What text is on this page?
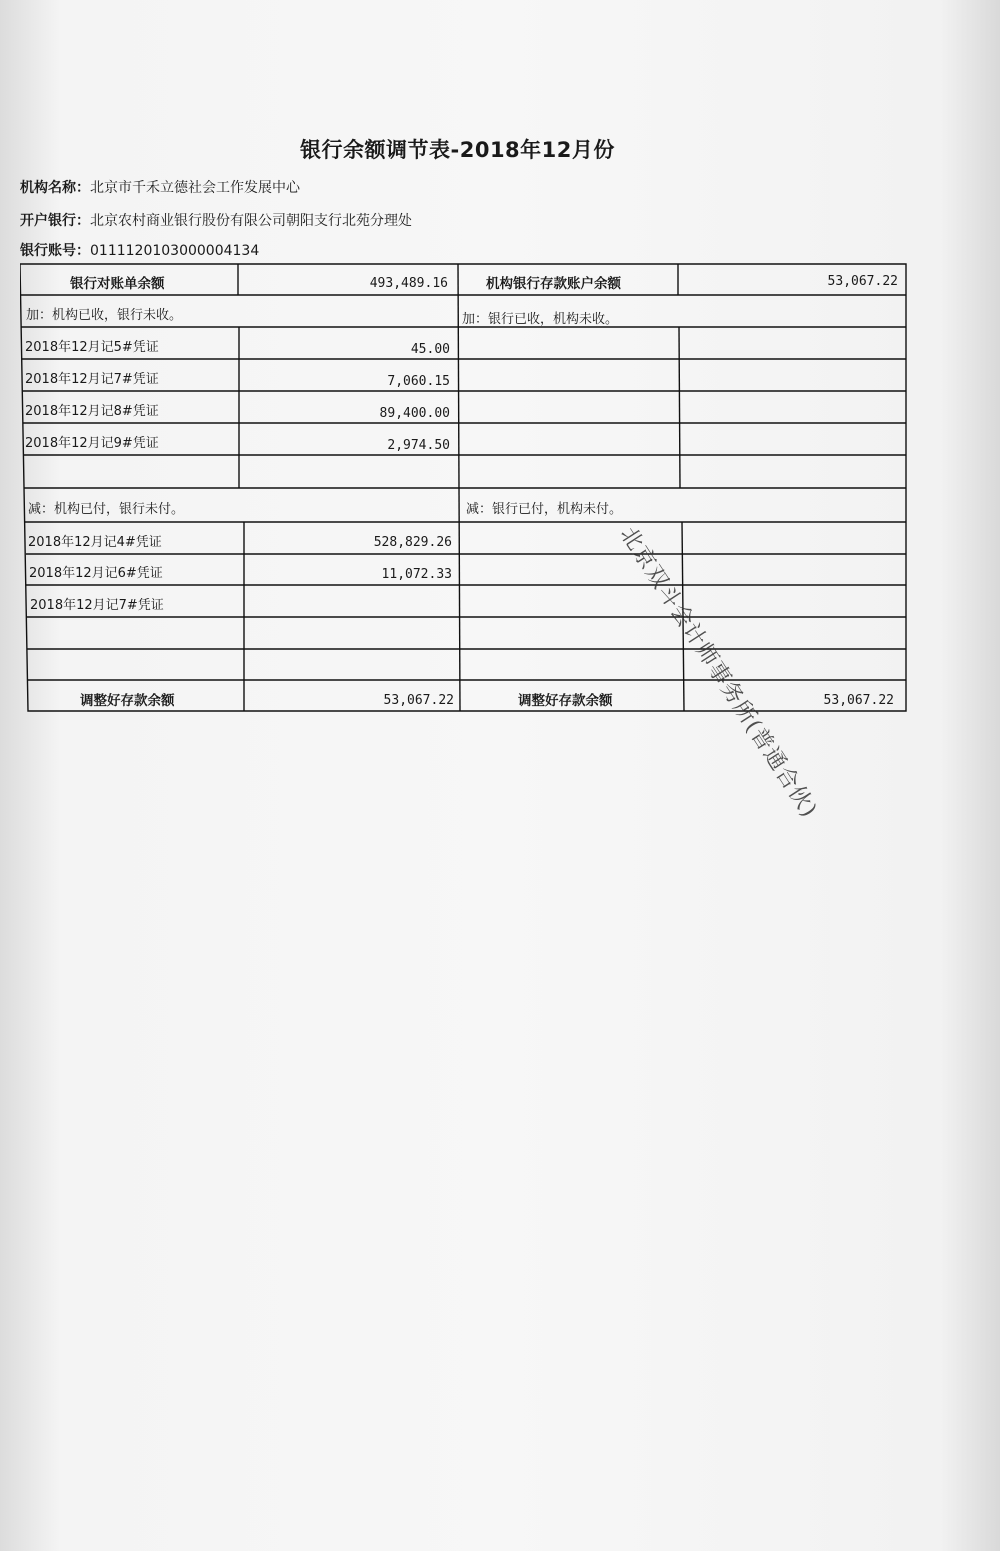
银行余额调节表-2018年12月份
机构名称：北京市千禾立德社会工作发展中心
开户银行：北京农村商业银行股份有限公司朝阳支行北苑分理处
银行账号：0111120103000004134
银行对账单余额	493,489.16	机构银行存款账户余额	53,067.22
加：机构已收，银行未收。	加：银行已收，机构未收。
2018年12月记5#凭证	45.00
2018年12月记7#凭证	7,060.15
2018年12月记8#凭证	89,400.00
2018年12月记9#凭证	2,974.50
减：机构已付，银行未付。	减：银行已付，机构未付。
2018年12月记4#凭证	528,829.26
2018年12月记6#凭证	11,072.33
2018年12月记7#凭证
调整好存款余额	53,067.22	调整好存款余额	53,067.22
北京双斗会计师事务所(普通合伙)
